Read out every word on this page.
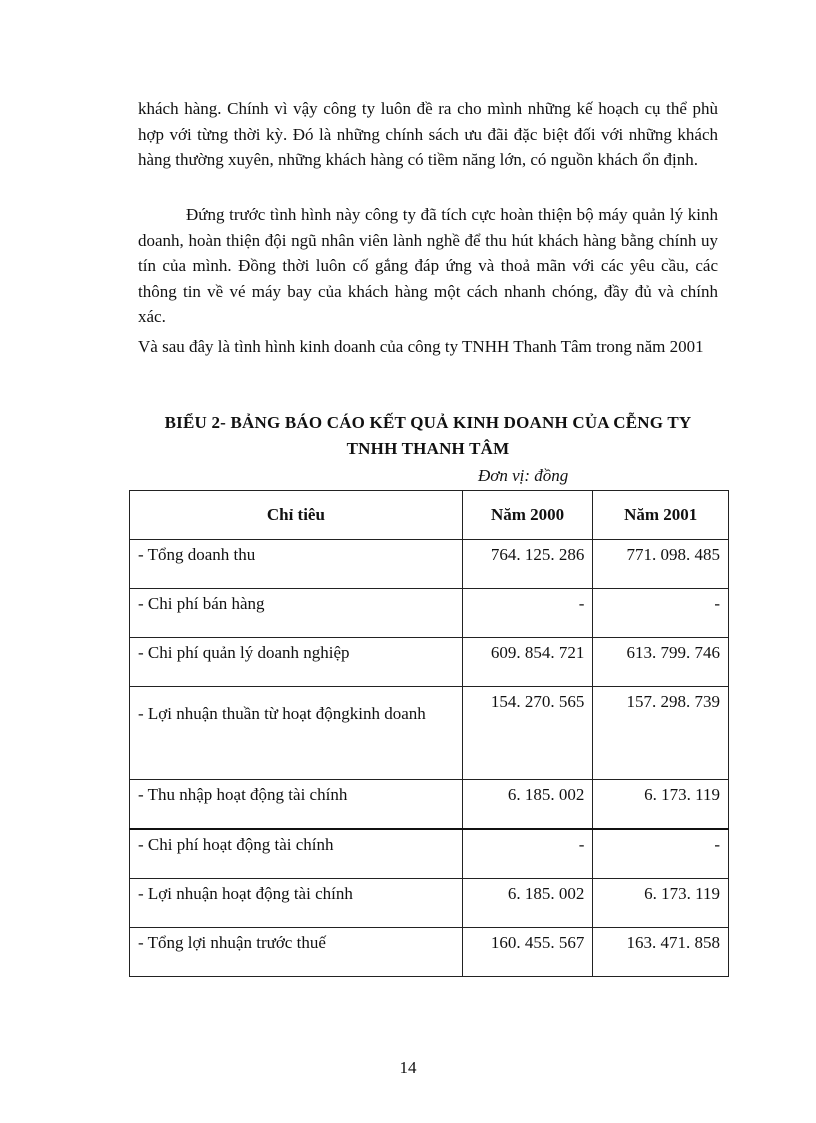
khách hàng. Chính vì vậy công ty luôn đề ra cho mình những kế hoạch cụ thể phù hợp với từng thời kỳ. Đó là những chính sách ưu đãi đặc biệt đối với những khách hàng thường xuyên, những khách hàng có tiềm năng lớn, có nguồn khách ổn định.

Đứng trước tình hình này công ty đã tích cực hoàn thiện bộ máy quản lý kinh doanh, hoàn thiện đội ngũ nhân viên lành nghề để thu hút khách hàng bằng chính uy tín của mình. Đồng thời luôn cố gắng đáp ứng và thoả mãn với các yêu cầu, các thông tin về vé máy bay của khách hàng một cách nhanh chóng, đầy đủ và chính xác.

Và sau đây là tình hình kinh doanh của công ty TNHH Thanh Tâm trong năm 2001

BIỂU 2- BẢNG BÁO CÁO KẾT QUẢ KINH DOANH CỦA CỄNG TY

TNHH THANH TÂM

Đơn vị: đồng
Chỉ tiêu	Năm 2000	Năm 2001
- Tổng doanh thu	764. 125. 286	771. 098. 485
- Chi phí bán hàng	-	-
- Chi phí quản lý doanh nghiệp	609. 854. 721	613. 799. 746
- Lợi nhuận thuần từ hoạt độngkinh doanh	154. 270. 565	157. 298. 739
- Thu nhập hoạt động tài chính	6. 185. 002	6. 173. 119
- Chi phí hoạt động tài chính	-	-
- Lợi nhuận hoạt động tài chính	6. 185. 002	6. 173. 119
- Tổng lợi nhuận trước thuế	160. 455. 567	163. 471. 858
14
